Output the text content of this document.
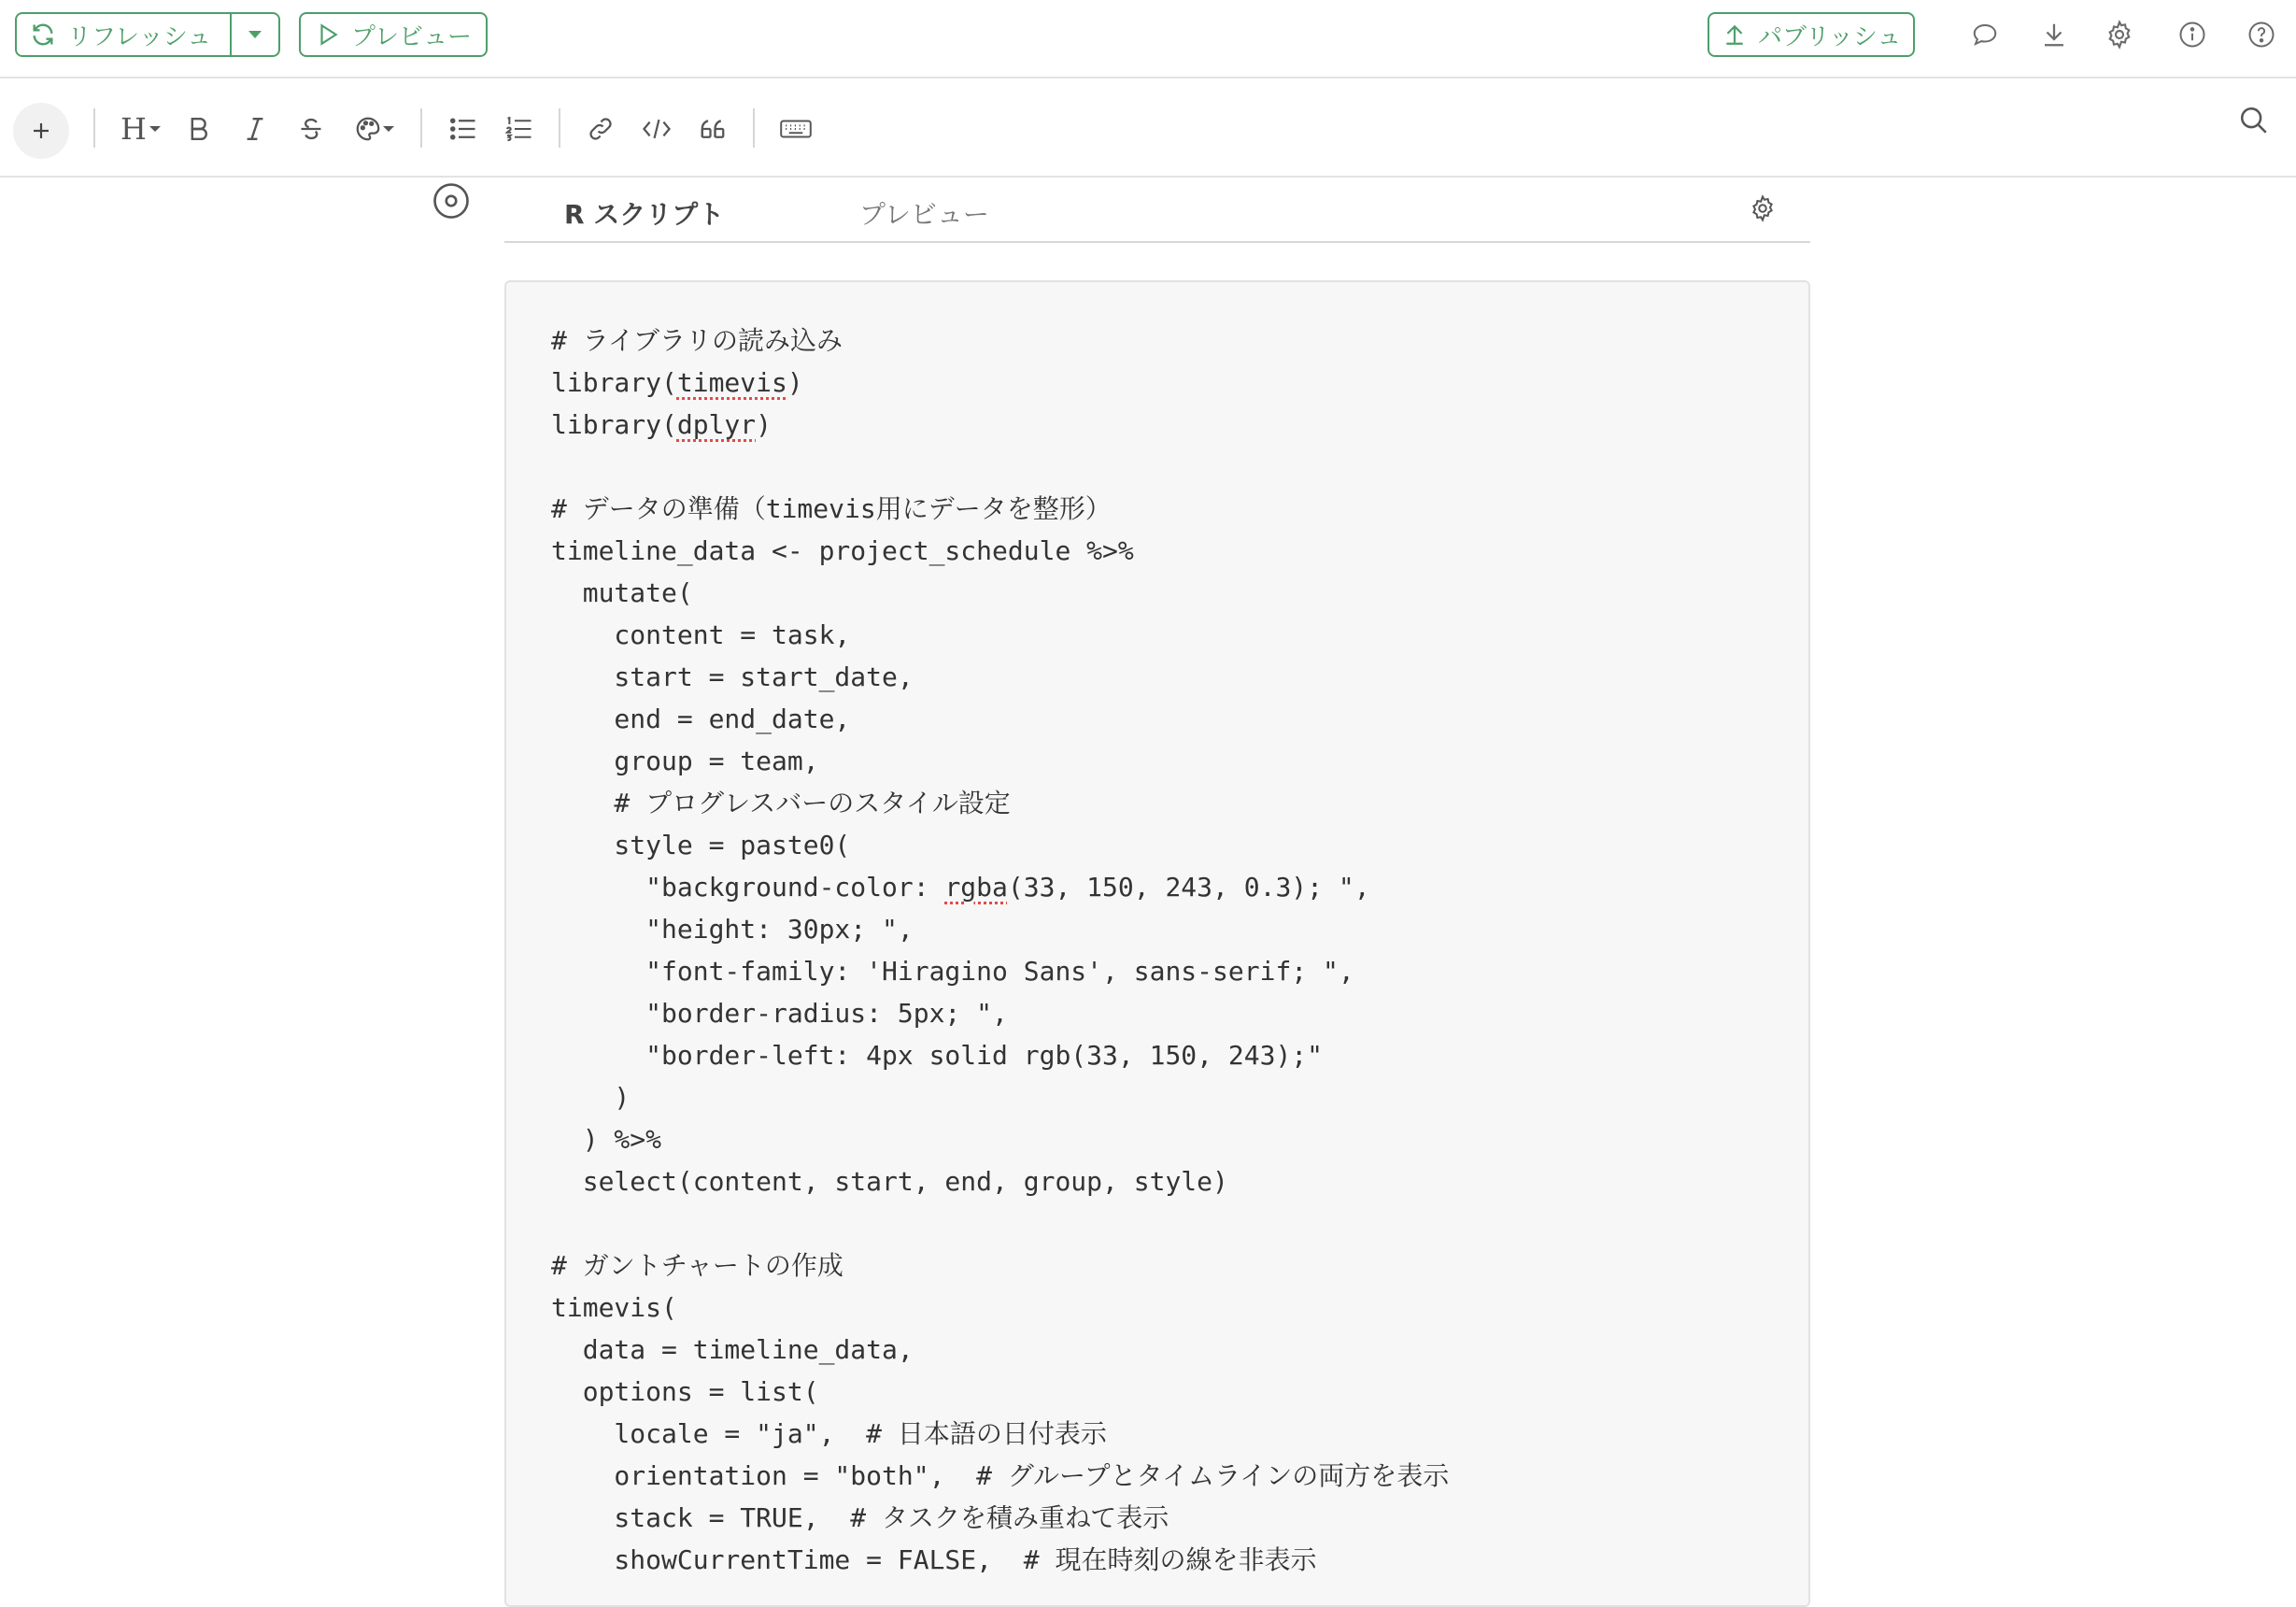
リフレッシュ	プレビュー	パブリッシュ
H
R スクリプト	プレビュー
# ライブラリの読み込み
library(timevis)
library(dplyr)
# データの準備（timevis用にデータを整形）
timeline_data <- project_schedule %>%
mutate(
content = task,
start = start_date,
end = end_date,
group = team,
# プログレスバーのスタイル設定
style = paste0(
"background-color: rgba(33, 150, 243, 0.3); ",
"height: 30px; ",
"font-family: 'Hiragino Sans', sans-serif; ",
"border-radius: 5px; ",
"border-left: 4px solid rgb(33, 150, 243);"
)
) %>%
select(content, start, end, group, style)
# ガントチャートの作成
timevis(
data = timeline_data,
options = list(
locale = "ja",  # 日本語の日付表示
orientation = "both",  # グループとタイムラインの両方を表示
stack = TRUE,  # タスクを積み重ねて表示
showCurrentTime = FALSE,  # 現在時刻の線を非表示
